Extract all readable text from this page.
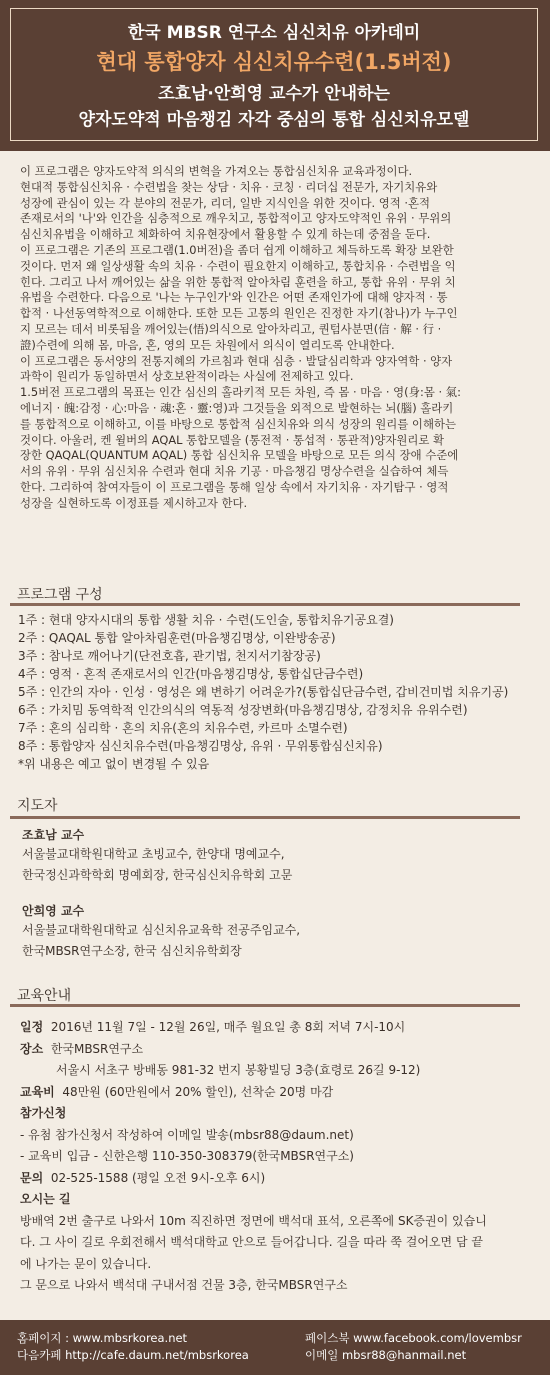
한국 MBSR 연구소 심신치유 아카데미
현대 통합양자 심신치유수련(1.5버전)
조효남·안희영 교수가 안내하는
양자도약적 마음챙김 자각 중심의 통합 심신치유모델
이 프로그램은 양자도약적 의식의 변혁을 가져오는 통합심신치유 교육과정이다.
현대적 통합심신치유 · 수련법을 찾는 상담 · 치유 · 코칭 · 리더십 전문가, 자기치유와
성장에 관심이 있는 각 분야의 전문가, 리더, 일반 지식인을 위한 것이다. 영적 ·혼적
존재로서의 '나'와 인간을 심층적으로 깨우치고, 통합적이고 양자도약적인 유위 · 무위의
심신치유법을 이해하고 체화하여 치유현장에서 활용할 수 있게 하는데 중점을 둔다.
이 프로그램은 기존의 프로그램(1.0버전)을 좀더 쉽게 이해하고 체득하도록 확장 보완한
것이다. 먼저 왜 일상생활 속의 치유 · 수련이 필요한지 이해하고, 통합치유 · 수련법을 익
힌다. 그리고 나서 깨어있는 삶을 위한 통합적 알아차림 훈련을 하고, 통합 유위 · 무위 치
유법을 수련한다. 다음으로 '나는 누구인가'와 인간은 어떤 존재인가에 대해 양자적 · 통
합적 · 나선동역학적으로 이해한다. 또한 모든 고통의 원인은 진정한 자기(참나)가 누구인
지 모르는 데서 비롯됨을 깨어있는(悟)의식으로 알아차리고, 퀀텀사분면(信 · 解 · 行 ·
證)수련에 의해 몸, 마음, 혼, 영의 모든 차원에서 의식이 열리도록 안내한다.
이 프로그램은 동서양의 전통지혜의 가르침과 현대 심층 · 발달심리학과 양자역학 · 양자
과학이 원리가 동일하면서 상호보완적이라는 사실에 전제하고 있다.
1.5버전 프로그램의 목표는 인간 심신의 홀라키적 모든 차원, 즉 몸 · 마음 · 영(身:몸 · 氣:
에너지 · 魄:감정 · 心:마음 · 魂:혼 · 靈:영)과 그것들을 외적으로 발현하는 뇌(腦) 홀라키
를 통합적으로 이해하고, 이를 바탕으로 통합적 심신치유와 의식 성장의 원리를 이해하는
것이다. 아울러, 켄 윌버의 AQAL 통합모델을 (통전적 · 통섭적 · 통관적)양자원리로 확
장한 QAQAL(QUANTUM AQAL) 통합 심신치유 모델을 바탕으로 모든 의식 장애 수준에
서의 유위 · 무위 심신치유 수련과 현대 치유 기공 · 마음챙김 명상수련을 실습하여 체득
한다. 그리하여 참여자들이 이 프로그램을 통해 일상 속에서 자기치유 · 자기탐구 · 영적
성장을 실현하도록 이정표를 제시하고자 한다.
프로그램 구성
1주 : 현대 양자시대의 통합 생활 치유 · 수련(도인술, 통합치유기공요결)
2주 : QAQAL 통합 알아차림훈련(마음챙김명상, 이완방송공)
3주 : 참나로 깨어나기(단전호흡, 관기법, 천지서기참장공)
4주 : 영적 · 혼적 존재로서의 인간(마음챙김명상, 통합십단금수련)
5주 : 인간의 자아 · 인성 · 영성은 왜 변하기 어려운가?(통합십단금수련, 갑비건미법 치유기공)
6주 : 가치밈 동역학적 인간의식의 역동적 성장변화(마음챙김명상, 감정치유 유위수련)
7주 : 혼의 심리학 · 혼의 치유(혼의 치유수련, 카르마 소멸수련)
8주 : 통합양자 심신치유수련(마음챙김명상, 유위 · 무위통합심신치유)
*위 내용은 예고 없이 변경될 수 있음
지도자
조효남 교수
서울불교대학원대학교 초빙교수, 한양대 명예교수,
한국정신과학학회 명예회장, 한국심신치유학회 고문
안희영 교수
서울불교대학원대학교 심신치유교육학 전공주임교수,
한국MBSR연구소장, 한국 심신치유학회장
교육안내
일정 2016년 11월 7일 - 12월 26일, 매주 월요일 총 8회 저녁 7시-10시
장소 한국MBSR연구소
서울시 서초구 방배동 981-32 번지 봉황빌딩 3층(효령로 26길 9-12)
교육비 48만원 (60만원에서 20% 할인), 선착순 20명 마감
참가신청
- 유첨 참가신청서 작성하여 이메일 발송(mbsr88@daum.net)
- 교육비 입금 - 신한은행 110-350-308379(한국MBSR연구소)
문의 02-525-1588 (평일 오전 9시-오후 6시)
오시는 길
방배역 2번 출구로 나와서 10m 직진하면 정면에 백석대 표석, 오른쪽에 SK증권이 있습니
다. 그 사이 길로 우회전해서 백석대학교 안으로 들어갑니다. 길을 따라 쭉 걸어오면 담 끝
에 나가는 문이 있습니다.
그 문으로 나와서 백석대 구내서점 건물 3층, 한국MBSR연구소
홈페이지 : www.mbsrkorea.net
다음카페 http://cafe.daum.net/mbsrkorea
페이스북 www.facebook.com/lovembsr
이메일 mbsr88@hanmail.net
